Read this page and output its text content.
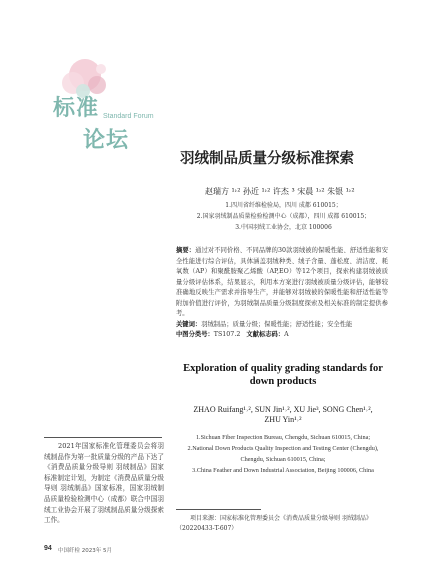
标准 Standard Forum
论坛
2021年国家标准化管理委员会将羽绒制品作为第一批质量分级的产品下达了《消费品质量分级导则 羽绒制品》国家标准制定计划，为制定《消费品质量分级导则 羽绒制品》国家标准，国家羽绒制品质量检验检测中心（成都）联合中国羽绒工业协会开展了羽绒制品质量分级探索工作。
94 中国纤检 2023年 5月
羽绒制品质量分级标准探索
赵瑞方 ¹˒² 孙近 ¹˒² 许杰 ³ 宋晨 ¹˒² 朱银 ¹˒²
1.四川省纤维检验局，四川 成都 610015；
2.国家羽绒制品质量检验检测中心（成都），四川 成都 610015；
3.中国羽绒工业协会，北京 100006
摘要：通过对不同价格、不同品牌的30款羽绒被的保暖性能、舒适性能和安全性能进行综合评估，具体涵盖羽绒种类、绒子含量、蓬松度、清洁度、耗氧数（AP）和聚酰胺聚乙烯酸（AP,EO）等12个项目，探索构建羽绒被质量分级评估体系，结果显示，利用本方案进行羽绒被质量分级评估，能够较准确地反映生产需求并指导生产，并能够对羽绒被的保暖性能和舒适性能等附加价值进行评价，为羽绒制品质量分级制度探索及相关标准的制定提供参考。
关键词：羽绒制品；质量分级；保暖性能；舒适性能；安全性能
中图分类号：TS107.2 文献标志码：A
Exploration of quality grading standards for down products
ZHAO Ruifang¹˒², SUN Jin¹˒², XU Jie³, SONG Chen¹˒²,
ZHU Yin¹˒²
1.Sichuan Fiber Inspection Bureau, Chengdu, Sichuan 610015, China;
2.National Down Products Quality Inspection and Testing Center (Chengdu),
Chengdu, Sichuan 610015, China;
3.China Feather and Down Industrial Association, Beijing 100006, China
项目来源：国家标准化管理委员会《消费品质量分级导则 羽绒制品》（20220433-T-607）
